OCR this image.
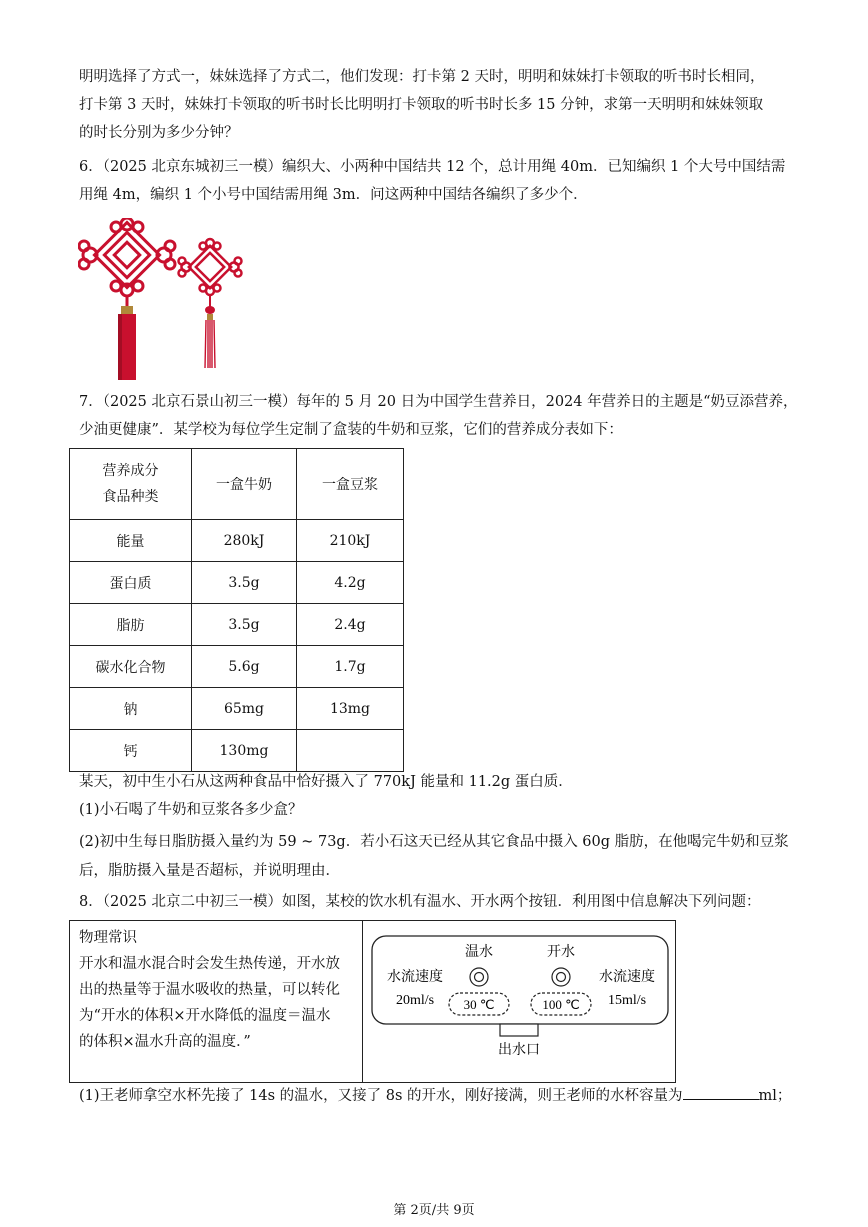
明明选择了方式一，妹妹选择了方式二，他们发现：打卡第 2 天时，明明和妹妹打卡领取的听书时长相同，
打卡第 3 天时，妹妹打卡领取的听书时长比明明打卡领取的听书时长多 15 分钟，求第一天明明和妹妹领取
的时长分别为多少分钟？
6．（2025 北京东城初三一模）编织大、小两种中国结共 12 个，总计用绳 40m．已知编织 1 个大号中国结需
用绳 4m，编织 1 个小号中国结需用绳 3m．问这两种中国结各编织了多少个．
7．（2025 北京石景山初三一模）每年的 5 月 20 日为中国学生营养日，2024 年营养日的主题是“奶豆添营养，
少油更健康”．某学校为每位学生定制了盒装的牛奶和豆浆，它们的营养成分表如下：
营养成分
食品种类	一盒牛奶	一盒豆浆
能量	280kJ	210kJ
蛋白质	3.5g	4.2g
脂肪	3.5g	2.4g
碳水化合物	5.6g	1.7g
钠	65mg	13mg
钙	130mg	
某天，初中生小石从这两种食品中恰好摄入了 770kJ 能量和 11.2g 蛋白质．
(1)小石喝了牛奶和豆浆各多少盒？
(2)初中生每日脂肪摄入量约为 59 ~ 73g．若小石这天已经从其它食品中摄入 60g 脂肪，在他喝完牛奶和豆浆
后，脂肪摄入量是否超标，并说明理由．
8．（2025 北京二中初三一模）如图，某校的饮水机有温水、开水两个按钮．利用图中信息解决下列问题：
物理常识
开水和温水混合时会发生热传递，开水放
出的热量等于温水吸收的热量，可以转化
为“开水的体积×开水降低的温度＝温水
的体积×温水升高的温度．”
温水	开水
水流速度
20ml/s
水流速度
15ml/s
30 ℃	100 ℃
出水口
(1)王老师拿空水杯先接了 14s 的温水，又接了 8s 的开水，刚好接满，则王老师的水杯容量为	ml；
第 2页/共 9页
